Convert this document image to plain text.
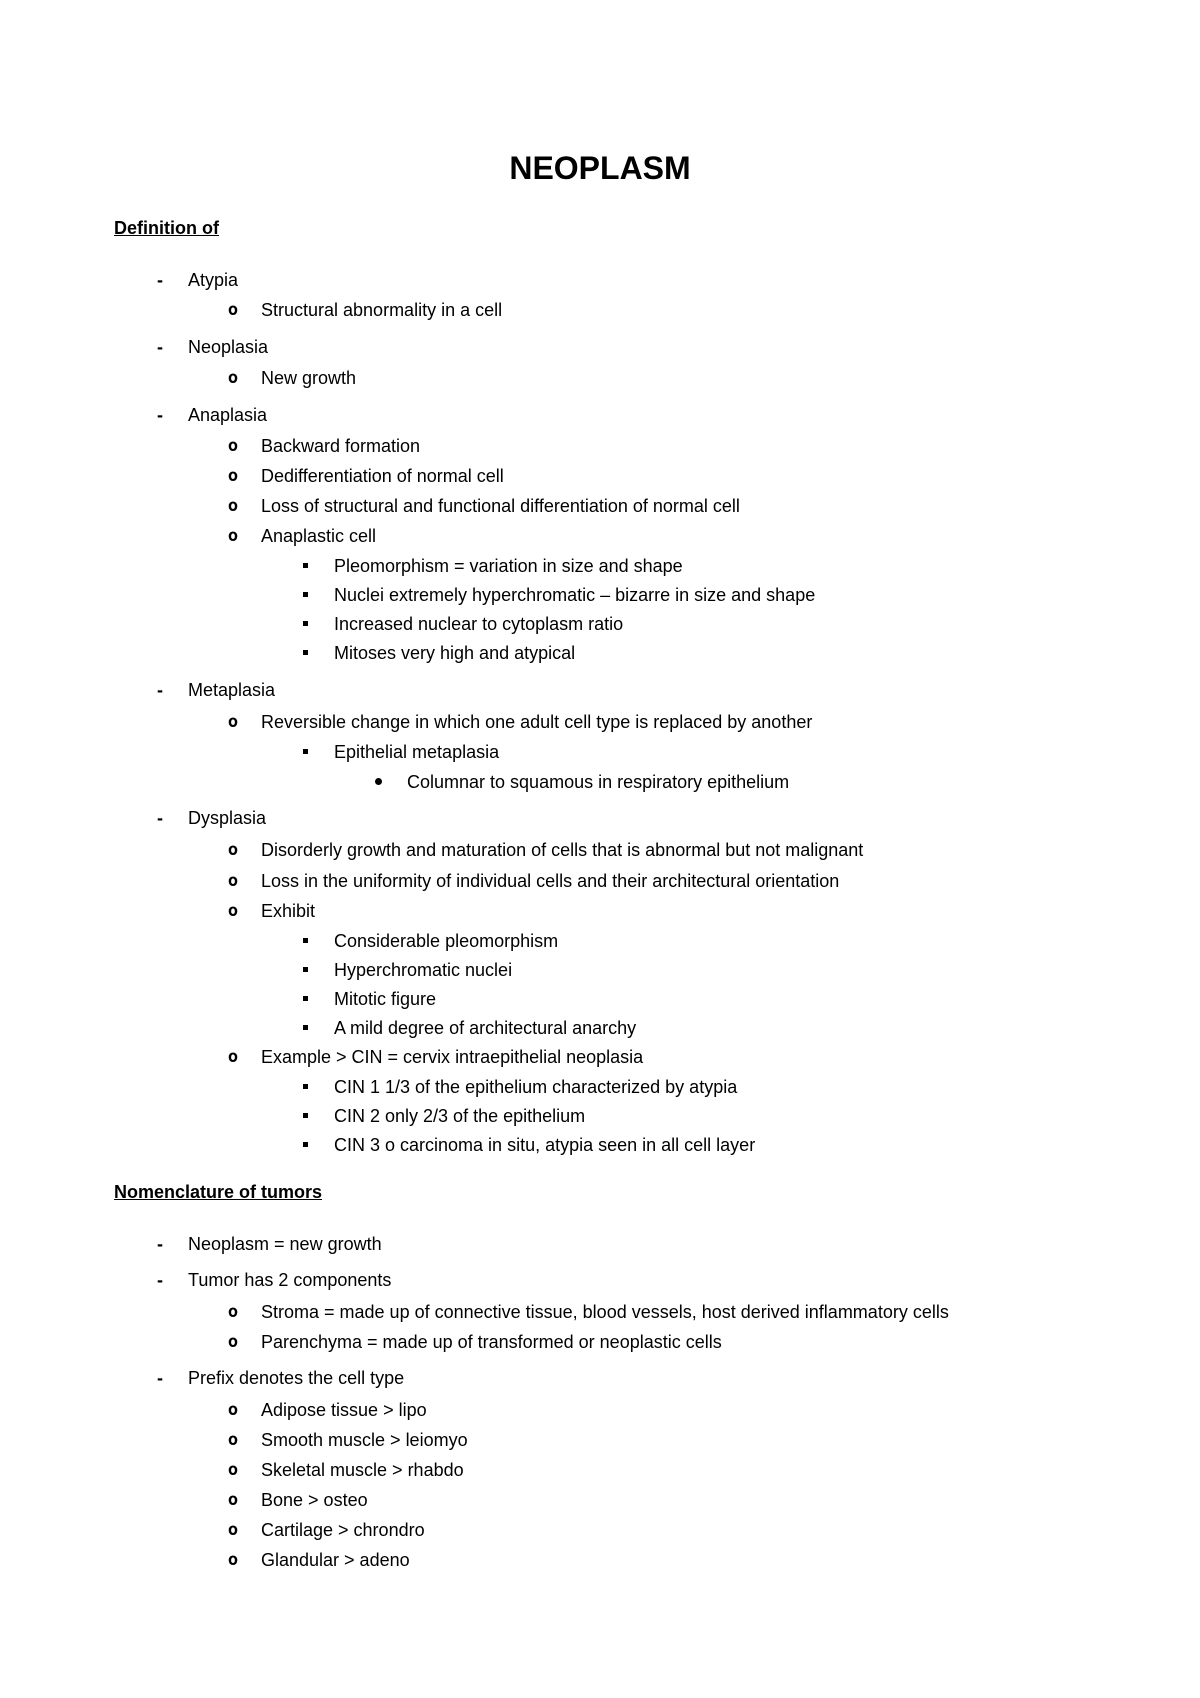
NEOPLASM
Definition of
-	Atypia
o Structural abnormality in a cell
-	Neoplasia
o New growth
-	Anaplasia
o Backward formation
o Dedifferentiation of normal cell
o Loss of structural and functional differentiation of normal cell
o Anaplastic cell
Pleomorphism = variation in size and shape
Nuclei extremely hyperchromatic – bizarre in size and shape
Increased nuclear to cytoplasm ratio
Mitoses very high and atypical
-	Metaplasia
o Reversible change in which one adult cell type is replaced by another
Epithelial metaplasia
Columnar to squamous in respiratory epithelium
-	Dysplasia
o Disorderly growth and maturation of cells that is abnormal but not malignant
o Loss in the uniformity of individual cells and their architectural orientation
o Exhibit
Considerable pleomorphism
Hyperchromatic nuclei
Mitotic figure
A mild degree of architectural anarchy
o Example > CIN = cervix intraepithelial neoplasia
CIN 1 1/3 of the epithelium characterized by atypia
CIN 2 only 2/3 of the epithelium
CIN 3 o carcinoma in situ, atypia seen in all cell layer
Nomenclature of tumors
-	Neoplasm = new growth
-	Tumor has 2 components
o Stroma = made up of connective tissue, blood vessels, host derived inflammatory cells
o Parenchyma = made up of transformed or neoplastic cells
-	Prefix denotes the cell type
o Adipose tissue > lipo
o Smooth muscle > leiomyo
o Skeletal muscle > rhabdo
o Bone > osteo
o Cartilage > chrondro
o Glandular > adeno
